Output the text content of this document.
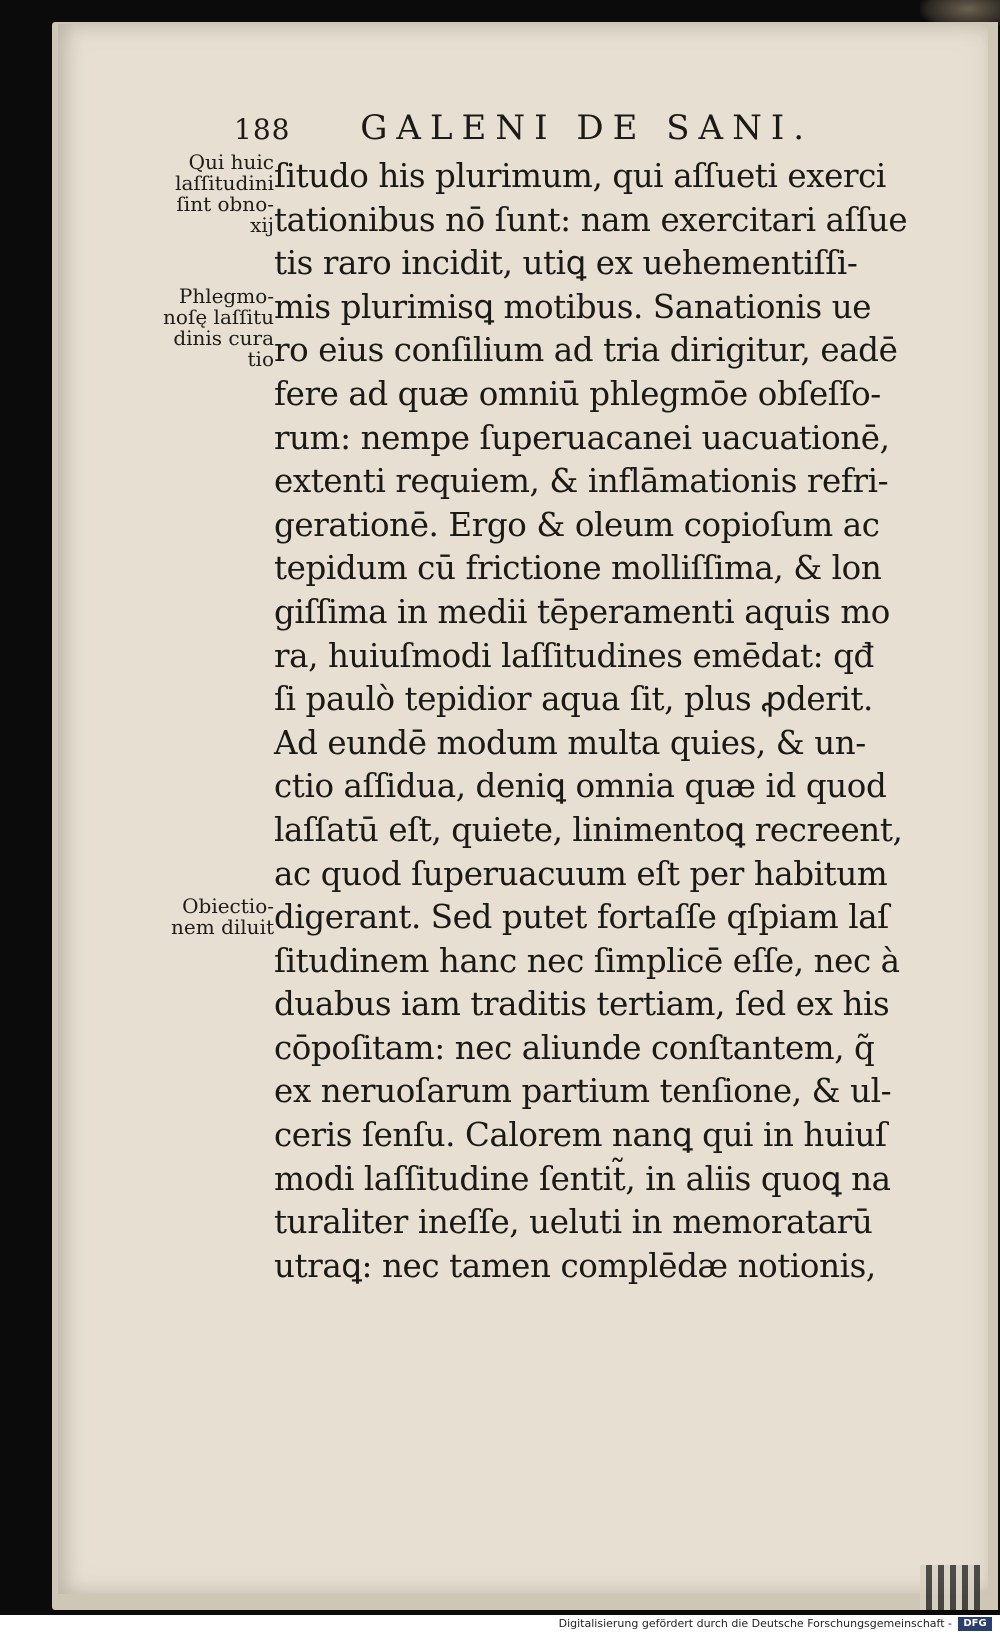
188 GALENI DE SANI.
Qui huic
laſſitudini
ſint obno-
xij
Phlegmo-
noſę laſſitu
dinis cura
tio
Obiectio-
nem diluit
ſitudo his plurimum, qui aſſueti exerci
tationibus nō ſunt: nam exercitari aſſue
tis raro incidit, utiꝗ ex uehementiſſi-
mis plurimisꝗ motibus. Sanationis ue
ro eius conſilium ad tria dirigitur, eadē
fere ad quæ omniū phlegmōe obſeſſo-
rum: nempe ſuperuacanei uacuationē,
extenti requiem, & inflāmationis refri-
gerationē. Ergo & oleum copioſum ac
tepidum cū frictione molliſſima, & lon
giſſima in medii tēperamenti aquis mo
ra, huiuſmodi laſſitudines emēdat: qđ
ſi paulò tepidior aqua ſit, plus ꝓderit.
Ad eundē modum multa quies, & un-
ctio aſſidua, deniꝗ omnia quæ id quod
laſſatū eſt, quiete, linimentoꝗ recreent,
ac quod ſuperuacuum eſt per habitum
digerant. Sed putet fortaſſe qſpiam laſ
ſitudinem hanc nec ſimplicē eſſe, nec à
duabus iam traditis tertiam, ſed ex his
cōpoſitam: nec aliunde conſtantem, q̃
ex neruoſarum partium tenſione, & ul-
ceris ſenſu. Calorem nanꝗ qui in huiuſ
modi laſſitudine ſentit̃, in aliis quoꝗ na
turaliter ineſſe, ueluti in memoratarū
utraꝗ: nec tamen complēdæ notionis,
Digitalisierung gefördert durch die Deutsche Forschungsgemeinschaft -	DFG
